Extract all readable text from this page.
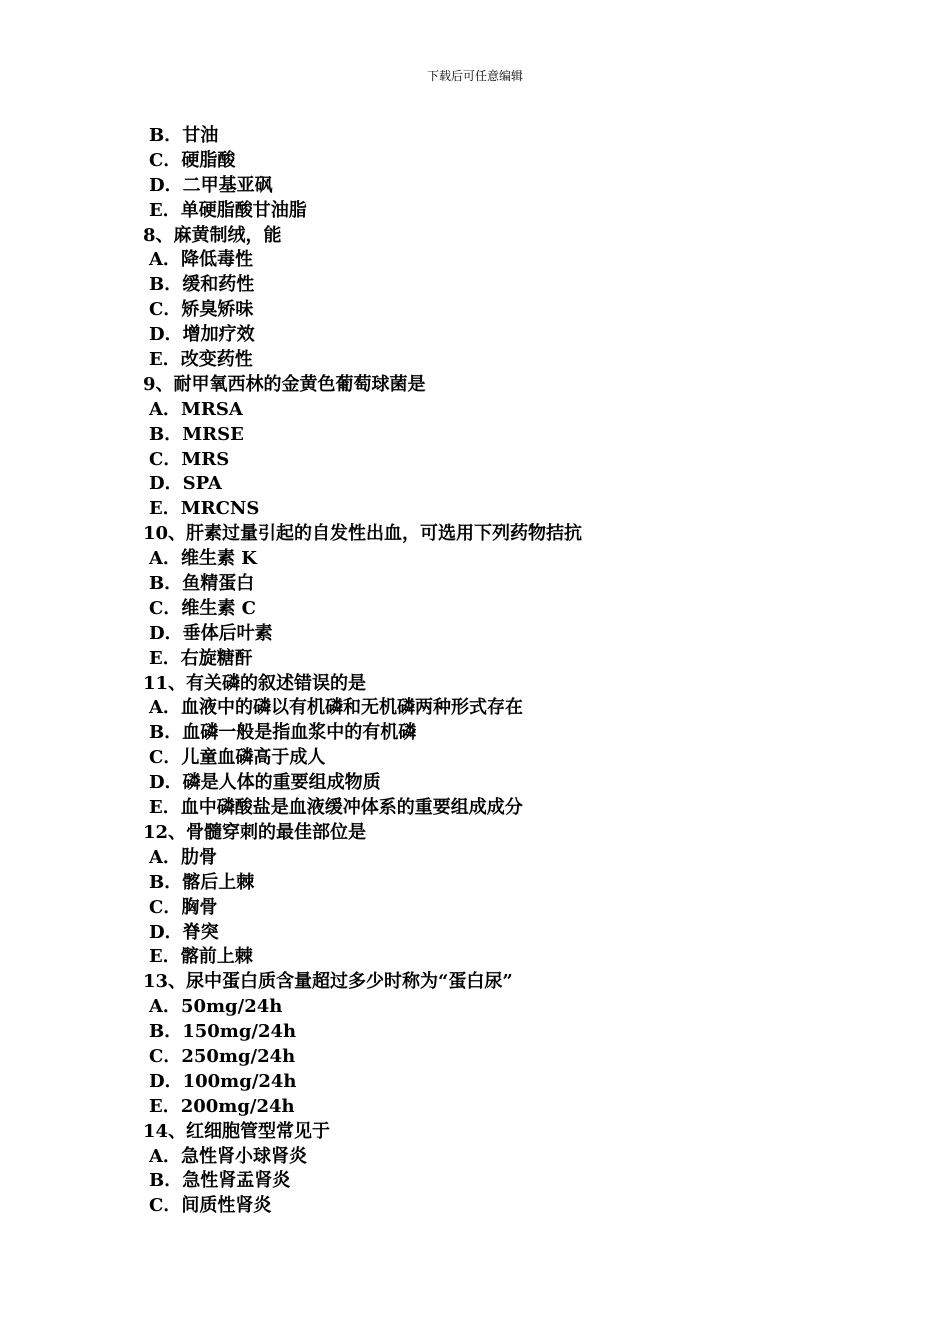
下载后可任意编辑
B．甘油
C．硬脂酸
D．二甲基亚砜
E．单硬脂酸甘油脂
8、麻黄制绒，能
A．降低毒性
B．缓和药性
C．矫臭矫味
D．增加疗效
E．改变药性
9、耐甲氧西林的金黄色葡萄球菌是
A．MRSA
B．MRSE
C．MRS
D．SPA
E．MRCNS
10、肝素过量引起的自发性出血，可选用下列药物拮抗
A．维生素 K
B．鱼精蛋白
C．维生素 C
D．垂体后叶素
E．右旋糖酐
11、有关磷的叙述错误的是
A．血液中的磷以有机磷和无机磷两种形式存在
B．血磷一般是指血浆中的有机磷
C．儿童血磷高于成人
D．磷是人体的重要组成物质
E．血中磷酸盐是血液缓冲体系的重要组成成分
12、骨髓穿刺的最佳部位是
A．肋骨
B．髂后上棘
C．胸骨
D．脊突
E．髂前上棘
13、尿中蛋白质含量超过多少时称为“蛋白尿”
A．50mg/24h
B．150mg/24h
C．250mg/24h
D．100mg/24h
E．200mg/24h
14、红细胞管型常见于
A．急性肾小球肾炎
B．急性肾盂肾炎
C．间质性肾炎
